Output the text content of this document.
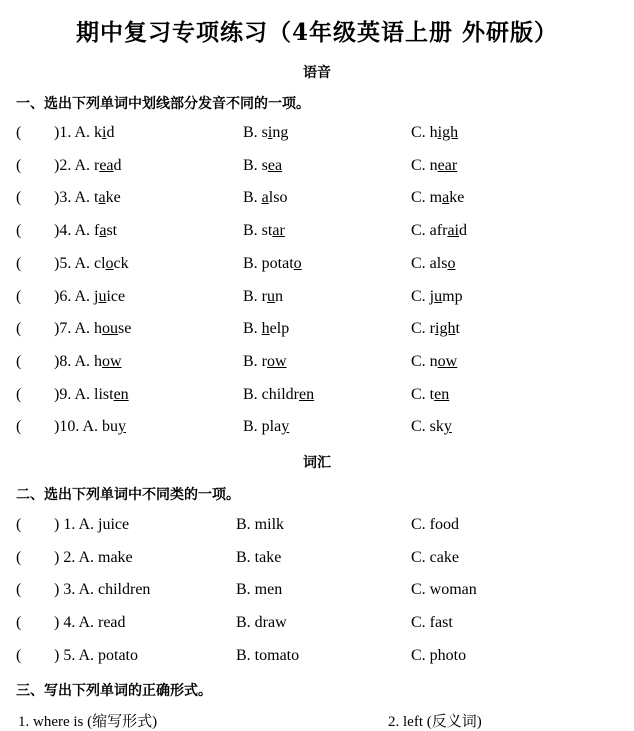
期中复习专项练习（4年级英语上册 外研版）
语音
一、选出下列单词中划线部分发音不同的一项。
( )1. A. kid	B. sing	C. high
( )2. A. read	B. sea	C. near
( )3. A. take	B. also	C. make
( )4. A. fast	B. star	C. afraid
( )5. A. clock	B. potato	C. also
( )6. A. juice	B. run	C. jump
( )7. A. house	B. help	C. right
( )8. A. how	B. row	C. now
( )9. A. listen	B. children	C. ten
( )10. A. buy	B. play	C. sky
词汇
二、选出下列单词中不同类的一项。
( ) 1. A. juice	B. milk	C. food
( ) 2. A. make	B. take	C. cake
( ) 3. A. children	B. men	C. woman
( ) 4. A. read	B. draw	C. fast
( ) 5. A. potato	B. tomato	C. photo
三、写出下列单词的正确形式。
1. where is (缩写形式)	2. left (反义词)
